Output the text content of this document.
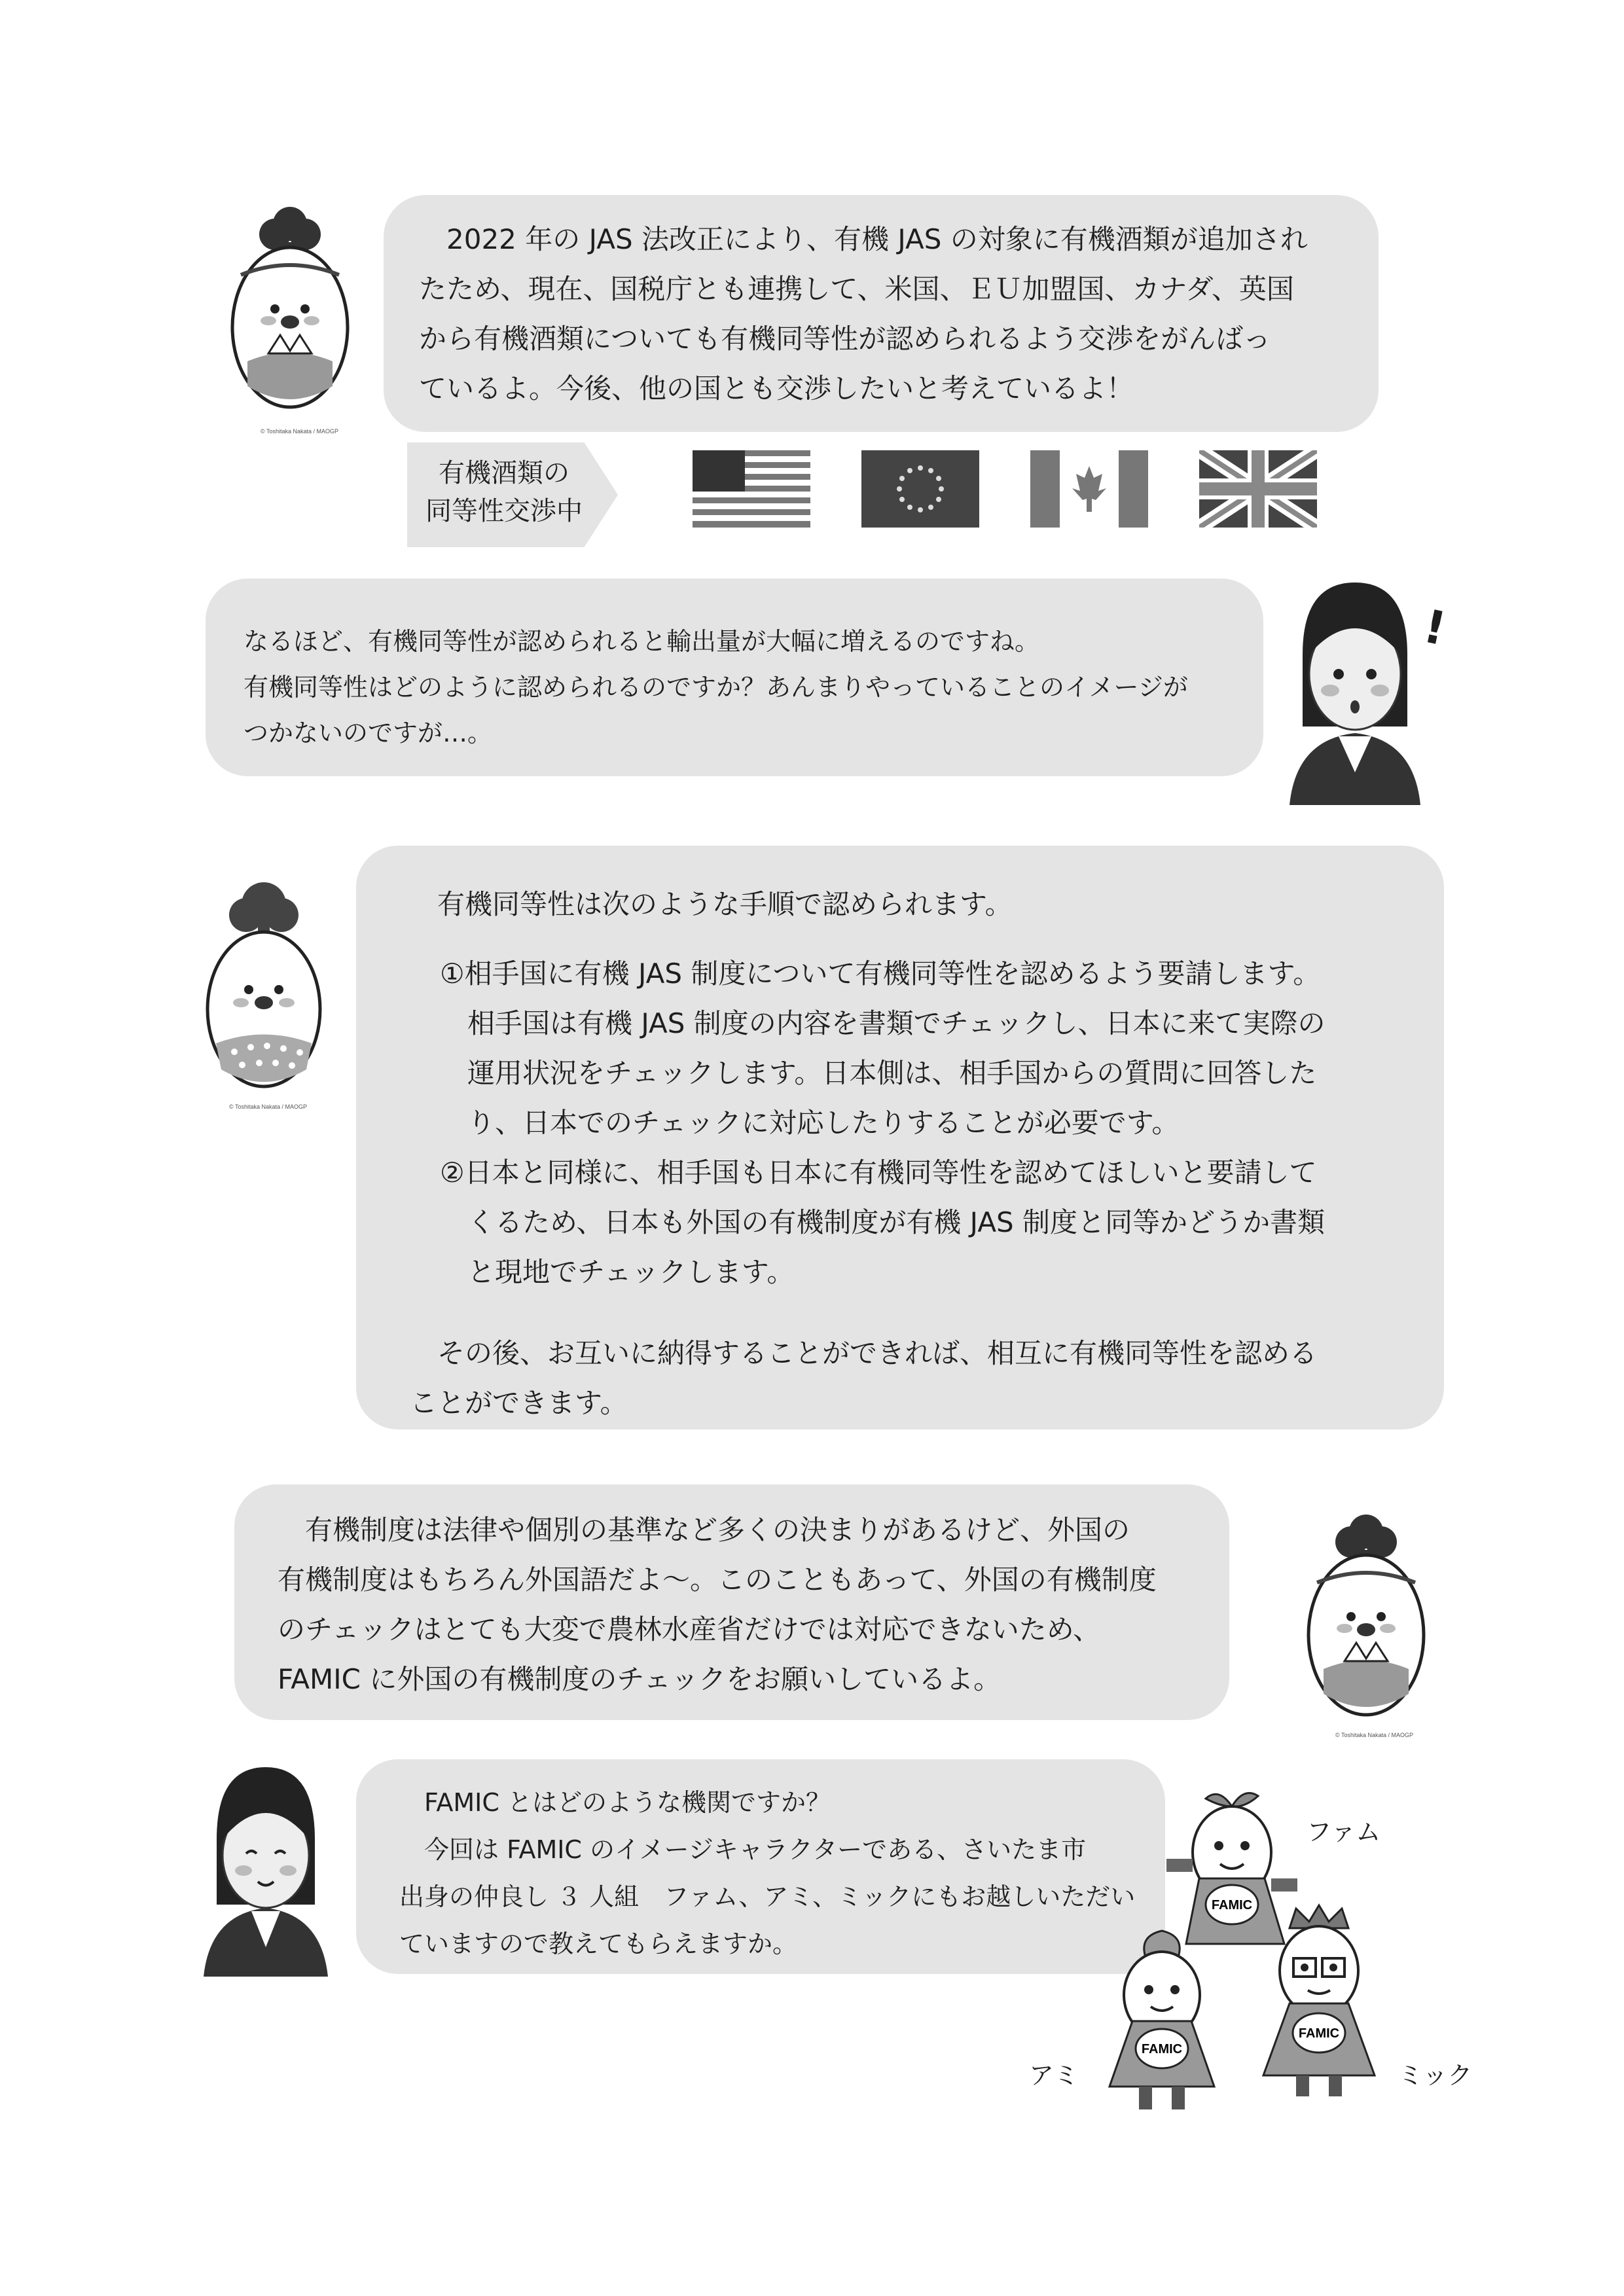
© Toshitaka Nakata / MAOGP

　2022 年の JAS 法改正により、有機 JAS の対象に有機酒類が追加され

たため、現在、国税庁とも連携して、米国、ＥＵ加盟国、カナダ、英国

から有機酒類についても有機同等性が認められるよう交渉をがんばっ

ているよ。今後、他の国とも交渉したいと考えているよ！

有機酒類の
同等性交渉中

なるほど、有機同等性が認められると輸出量が大幅に増えるのですね。

有機同等性はどのように認められるのですか？あんまりやっていることのイメージが

つかないのですが…。

!
© Toshitaka Nakata / MAOGP

　有機同等性は次のような手順で認められます。

①相手国に有機 JAS 制度について有機同等性を認めるよう要請します。

　相手国は有機 JAS 制度の内容を書類でチェックし、日本に来て実際の

　運用状況をチェックします。日本側は、相手国からの質問に回答した

　り、日本でのチェックに対応したりすることが必要です。

②日本と同様に、相手国も日本に有機同等性を認めてほしいと要請して

　くるため、日本も外国の有機制度が有機 JAS 制度と同等かどうか書類

　と現地でチェックします。

　その後、お互いに納得することができれば、相互に有機同等性を認める

ことができます。

　有機制度は法律や個別の基準など多くの決まりがあるけど、外国の

有機制度はもちろん外国語だよ～。このこともあって、外国の有機制度

のチェックはとても大変で農林水産省だけでは対応できないため、

FAMIC に外国の有機制度のチェックをお願いしているよ。

© Toshitaka Nakata / MAOGP

　FAMIC とはどのような機関ですか？

　今回は FAMIC のイメージキャラクターである、さいたま市

出身の仲良し ３ 人組　ファム、アミ、ミックにもお越しいただい

ていますので教えてもらえますか。

FAMIC
ファム
FAMIC
アミ
FAMIC
ミック
